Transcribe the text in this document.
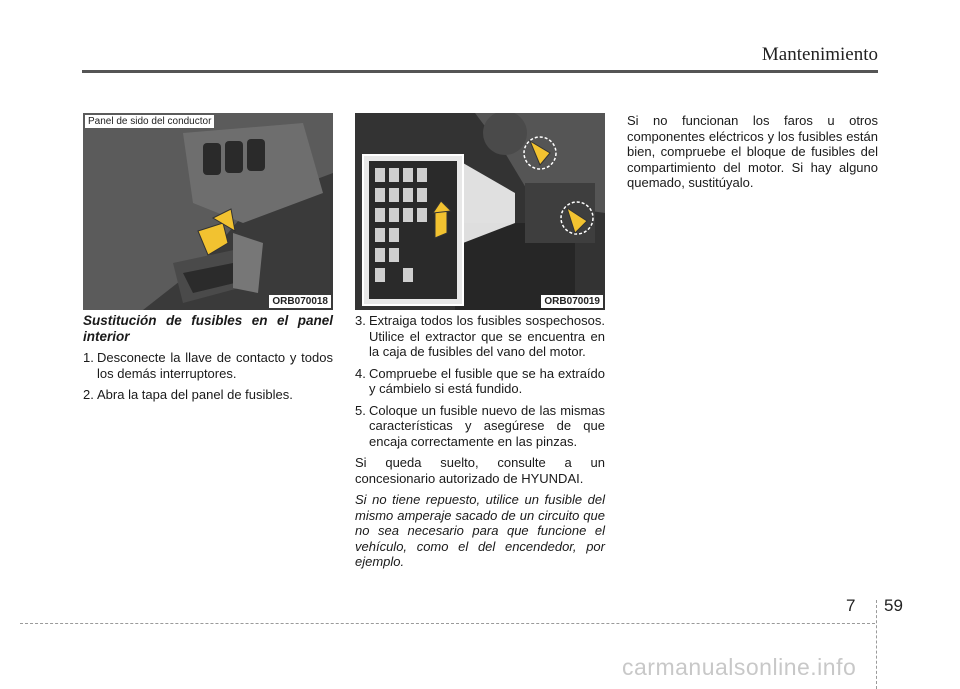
Mantenimiento
Panel de sido del conductor
ORB070018	ORB070019

Sustitución de fusibles en el panel interior

1. Desconecte la llave de contacto y todos los demás interruptores.
2. Abra la tapa del panel de fusibles.
3. Extraiga todos los fusibles sospechosos. Utilice el extractor que se encuentra en la caja de fusibles del vano del motor.
4. Compruebe el fusible que se ha extraído y cámbielo si está fundido.
5. Coloque un fusible nuevo de las mismas características y asegúrese de que encaja correctamente en las pinzas.

Si queda suelto, consulte a un concesionario autorizado de HYUNDAI.

Si no tiene repuesto, utilice un fusible del mismo amperaje sacado de un circuito que no sea necesario para que funcione el vehículo, como el del encendedor, por ejemplo.

Si no funcionan los faros u otros componentes eléctricos y los fusibles están bien, compruebe el bloque de fusibles del compartimiento del motor. Si hay alguno quemado, sustitúyalo.

7 59
carmanualsonline.info
